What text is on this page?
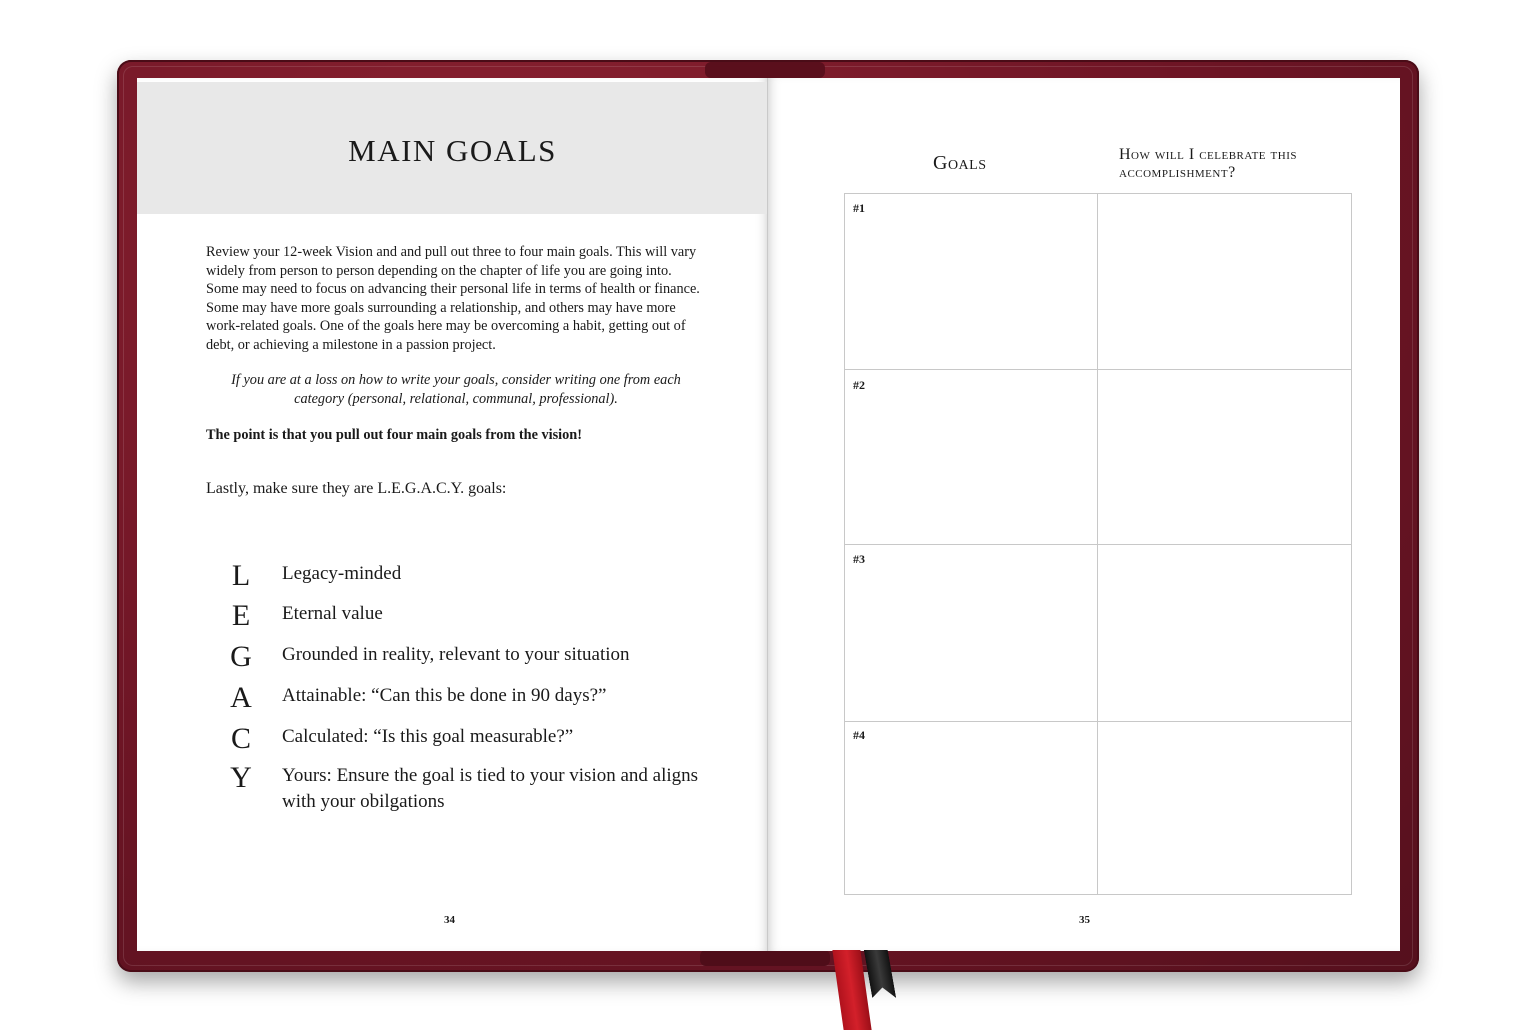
MAIN GOALS

Review your 12-week Vision and and pull out three to four main goals. This will vary widely from person to person depending on the chapter of life you are going into. Some may need to focus on advancing their personal life in terms of health or finance. Some may have more goals surrounding a relationship, and others may have more work-related goals. One of the goals here may be overcoming a habit, getting out of debt, or achieving a milestone in a passion project.

If you are at a loss on how to write your goals, consider writing one from each category (personal, relational, communal, professional).

The point is that you pull out four main goals from the vision!

Lastly, make sure they are L.E.G.A.C.Y. goals:

L	Legacy-minded
E	Eternal value
G	Grounded in reality, relevant to your situation
A	Attainable: “Can this be done in 90 days?”
C	Calculated: “Is this goal measurable?”
Y	Yours: Ensure the goal is tied to your vision and aligns with your obilgations
34
Goals	How will I celebrate this accomplishment?
#1
#2
#3
#4
35
